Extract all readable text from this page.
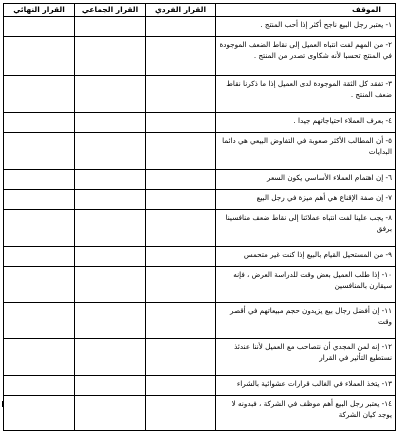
الموقف	القرار الفردي	القرار الجماعي	القرار النهائي
١- يعتبر رجل البيع ناجح أكثر إذا أحب المنتج .			
٢- من المهم لفت انتباه العميل إلى نقاط الضعف الموجودة في المنتج تحسبا لأنه شكاوى تصدر من المنتج .			
٣- تفقد كل الثقة الموجودة لدى العميل إذا ما ذكرنا نقاط ضعف المنتج .			
٤- بعرف العملاء احتياجاتهم جيدا .			
٥- أن المطالب الأكثر صعوبة في التفاوض البيعي هي دائما البدايات			
٦- إن اهتمام العملاء الأساسي يكون السعر			
٧- إن صفة الإقناع هي أهم ميزة في رجل البيع			
٨- يجب علينا لفت انتباه عملائنا إلى نقاط ضعف منافسينا برفق			
٩- من المستحيل القيام بالبيع إذا كنت غير متحمس			
١٠- إذا طلب العميل بعض وقت للدراسة العرض ، فإنه سيقارن بالمنافسين			
١١- إن أفضل رجال بيع يزيدون حجم مبيعاتهم في أقصر وقت			
١٢- إنه لمن المجدي أن نتصاحب مع العميل لأننا عندئذ نستطيع التأثير في القرار			
١٣- يتخذ العملاء في الغالب قرارات عشوائية بالشراء			
١٤- يعتبر رجل البيع أهم موظف في الشركة ، فبدونه لا يوجد كيان الشركة			
